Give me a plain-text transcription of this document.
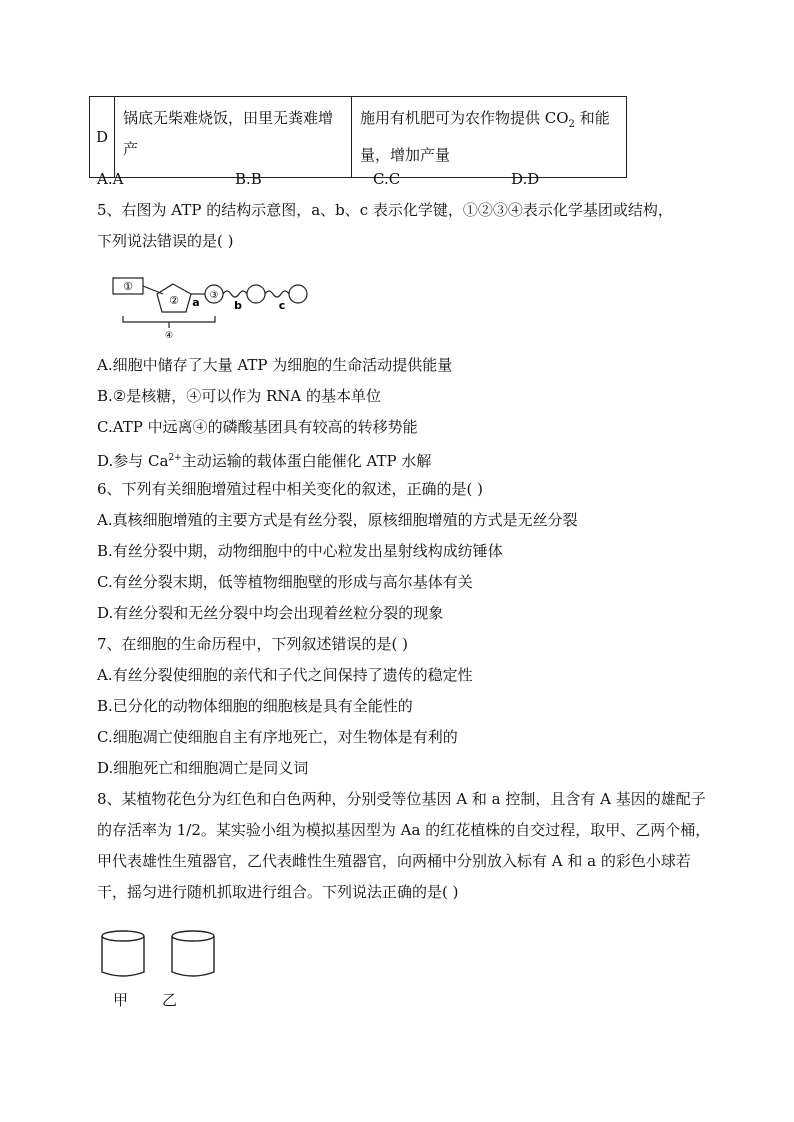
D	锅底无柴难烧饭，田里无粪难增产	施用有机肥可为农作物提供 $CO_2$ 和能量，增加产量
A.A	B.B	C.C	D.D
5、右图为 ATP 的结构示意图，a、b、c 表示化学键，①②③④表示化学基团或结构，
下列说法错误的是( )
①
② a
③
b	c
④
A.细胞中储存了大量 ATP 为细胞的生命活动提供能量
B.②是核糖，④可以作为 RNA 的基本单位
C.ATP 中远离④的磷酸基团具有较高的转移势能
D.参与 $Ca^{2+}$主动运输的载体蛋白能催化 ATP 水解
6、下列有关细胞增殖过程中相关变化的叙述，正确的是( )
A.真核细胞增殖的主要方式是有丝分裂，原核细胞增殖的方式是无丝分裂
B.有丝分裂中期，动物细胞中的中心粒发出星射线构成纺锤体
C.有丝分裂末期，低等植物细胞壁的形成与高尔基体有关
D.有丝分裂和无丝分裂中均会出现着丝粒分裂的现象
7、在细胞的生命历程中，下列叙述错误的是( )
A.有丝分裂使细胞的亲代和子代之间保持了遗传的稳定性
B.已分化的动物体细胞的细胞核是具有全能性的
C.细胞凋亡使细胞自主有序地死亡，对生物体是有利的
D.细胞死亡和细胞凋亡是同义词
8、某植物花色分为红色和白色两种，分别受等位基因 A 和 a 控制，且含有 A 基因的雄配子的存活率为 1/2。某实验小组为模拟基因型为 Aa 的红花植株的自交过程，取甲、乙两个桶，甲代表雄性生殖器官，乙代表雌性生殖器官，向两桶中分别放入标有 A 和 a 的彩色小球若干，摇匀进行随机抓取进行组合。下列说法正确的是( )
甲 乙
